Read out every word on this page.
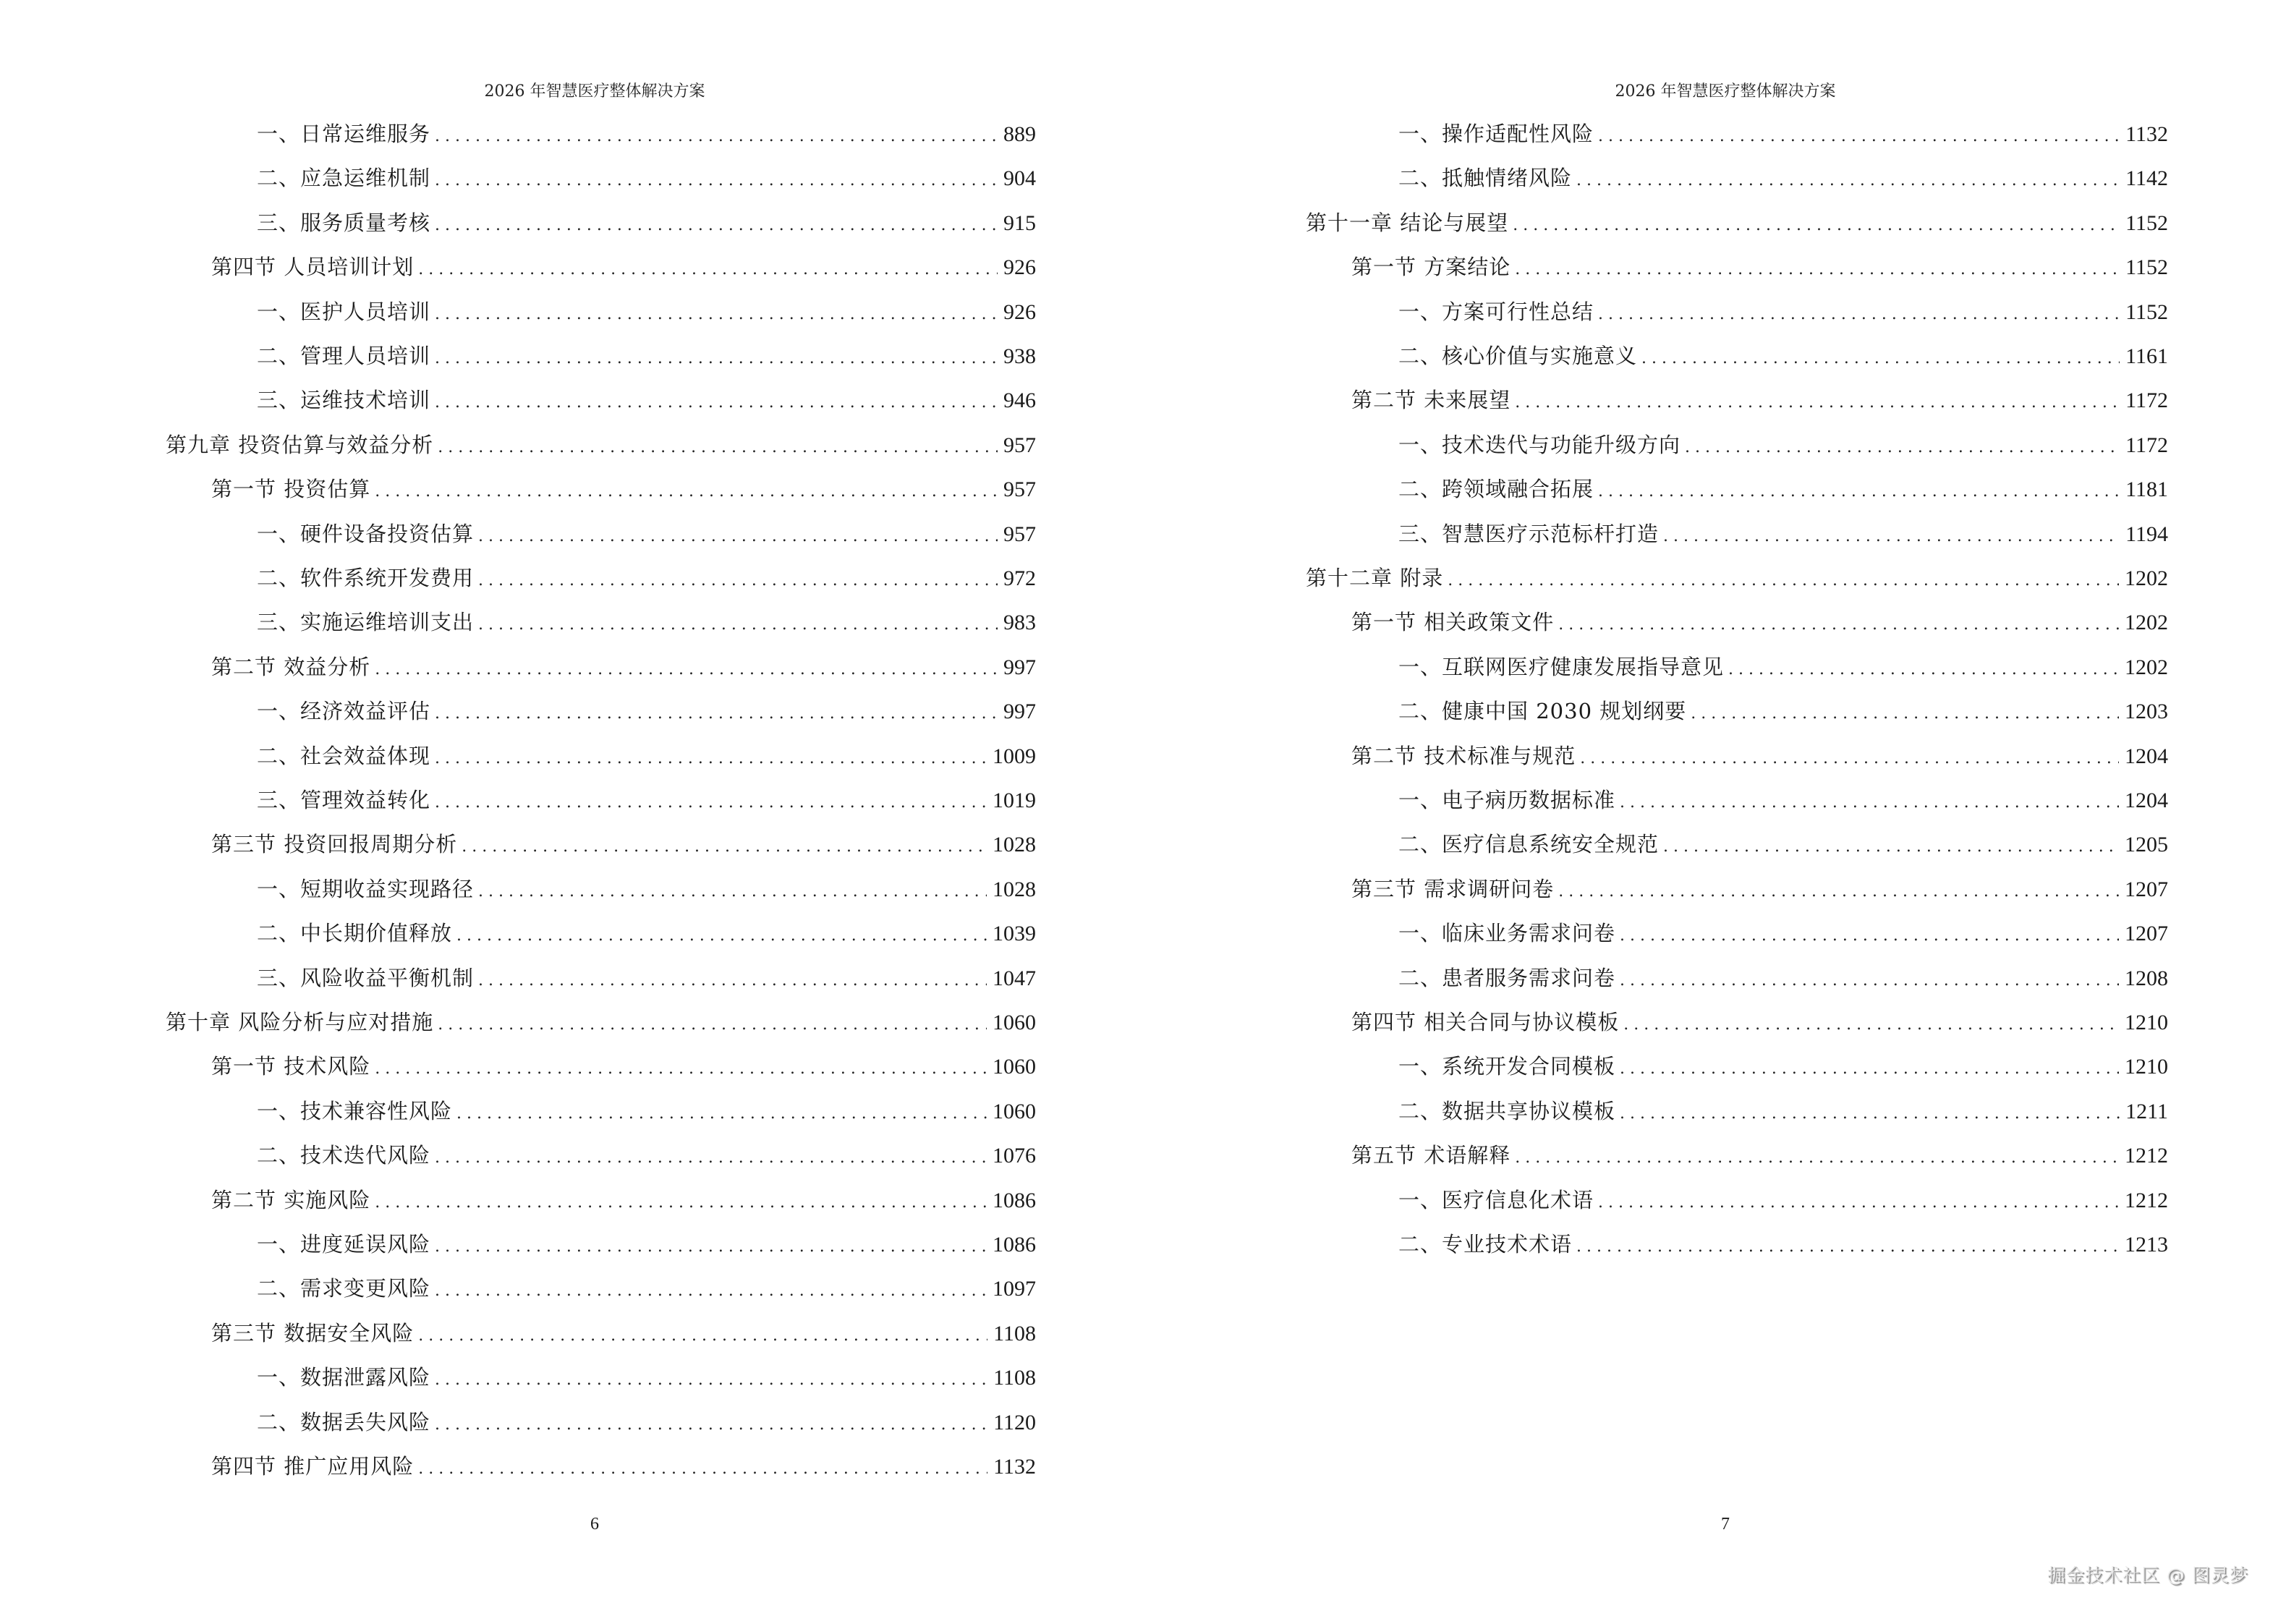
2026 年智慧医疗整体解决方案
一、日常运维服务 .....	889
二、应急运维机制 .....	904
三、服务质量考核 .....	915
第四节 人员培训计划 .....	926
一、医护人员培训 .....	926
二、管理人员培训 .....	938
三、运维技术培训 .....	946
第九章 投资估算与效益分析 .....	957
第一节 投资估算 .....	957
一、硬件设备投资估算 .....	957
二、软件系统开发费用 .....	972
三、实施运维培训支出 .....	983
第二节 效益分析 .....	997
一、经济效益评估 .....	997
二、社会效益体现 .....	1009
三、管理效益转化 .....	1019
第三节 投资回报周期分析 .....	1028
一、短期收益实现路径 .....	1028
二、中长期价值释放 .....	1039
三、风险收益平衡机制 .....	1047
第十章 风险分析与应对措施 .....	1060
第一节 技术风险 .....	1060
一、技术兼容性风险 .....	1060
二、技术迭代风险 .....	1076
第二节 实施风险 .....	1086
一、进度延误风险 .....	1086
二、需求变更风险 .....	1097
第三节 数据安全风险 .....	1108
一、数据泄露风险 .....	1108
二、数据丢失风险 .....	1120
第四节 推广应用风险 .....	1132
6
2026 年智慧医疗整体解决方案
一、操作适配性风险 .....	1132
二、抵触情绪风险 .....	1142
第十一章 结论与展望 .....	1152
第一节 方案结论 .....	1152
一、方案可行性总结 .....	1152
二、核心价值与实施意义 .....	1161
第二节 未来展望 .....	1172
一、技术迭代与功能升级方向 .....	1172
二、跨领域融合拓展 .....	1181
三、智慧医疗示范标杆打造 .....	1194
第十二章 附录 .....	1202
第一节 相关政策文件 .....	1202
一、互联网医疗健康发展指导意见 .....	1202
二、健康中国 2030 规划纲要 .....	1203
第二节 技术标准与规范 .....	1204
一、电子病历数据标准 .....	1204
二、医疗信息系统安全规范 .....	1205
第三节 需求调研问卷 .....	1207
一、临床业务需求问卷 .....	1207
二、患者服务需求问卷 .....	1208
第四节 相关合同与协议模板 .....	1210
一、系统开发合同模板 .....	1210
二、数据共享协议模板 .....	1211
第五节 术语解释 .....	1212
一、医疗信息化术语 .....	1212
二、专业技术术语 .....	1213
7
掘金技术社区 @ 图灵梦
